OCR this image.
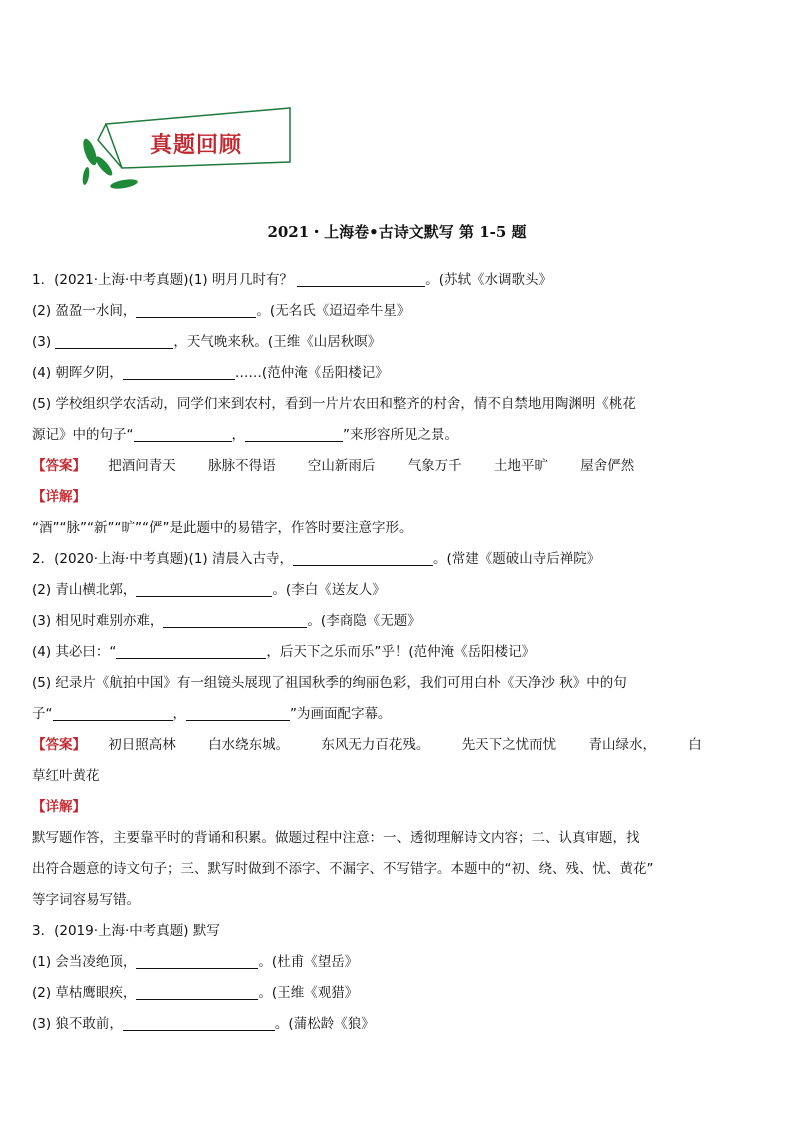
真题回顾
2021・上海卷•古诗文默写 第 1-5 题
1．(2021·上海·中考真题)(1) 明月几时有？	。(苏轼《水调歌头》
(2) 盈盈一水间，	。(无名氏《迢迢牵牛星》
(3)	，天气晚来秋。(王维《山居秋暝》
(4) 朝晖夕阴，	……(范仲淹《岳阳楼记》
(5) 学校组织学农活动，同学们来到农村，看到一片片农田和整齐的村舍，情不自禁地用陶渊明《桃花
源记》中的句子“	，	”来形容所见之景。
【答案】 把酒问青天 脉脉不得语 空山新雨后 气象万千 土地平旷 屋舍俨然
【详解】
“酒”“脉”“新”“旷”“俨”是此题中的易错字，作答时要注意字形。
2．(2020·上海·中考真题)(1) 清晨入古寺，	。(常建《题破山寺后禅院》
(2) 青山横北郭，	。(李白《送友人》
(3) 相见时难别亦难，	。(李商隐《无题》
(4) 其必曰：“	，后天下之乐而乐”乎！(范仲淹《岳阳楼记》
(5) 纪录片《航拍中国》有一组镜头展现了祖国秋季的绚丽色彩，我们可用白朴《天净沙 秋》中的句
子“	，	”为画面配字幕。
【答案】 初日照高林 白水绕东城。 东风无力百花残。 先天下之忧而忧 青山绿水， 白
草红叶黄花
【详解】
默写题作答，主要靠平时的背诵和积累。做题过程中注意：一、透彻理解诗文内容；二、认真审题，找
出符合题意的诗文句子；三、默写时做到不添字、不漏字、不写错字。本题中的“初、绕、残、忧、黄花”
等字词容易写错。
3．(2019·上海·中考真题) 默写
(1) 会当凌绝顶，	。(杜甫《望岳》
(2) 草枯鹰眼疾，	。(王维《观猎》
(3) 狼不敢前，	。(蒲松龄《狼》
